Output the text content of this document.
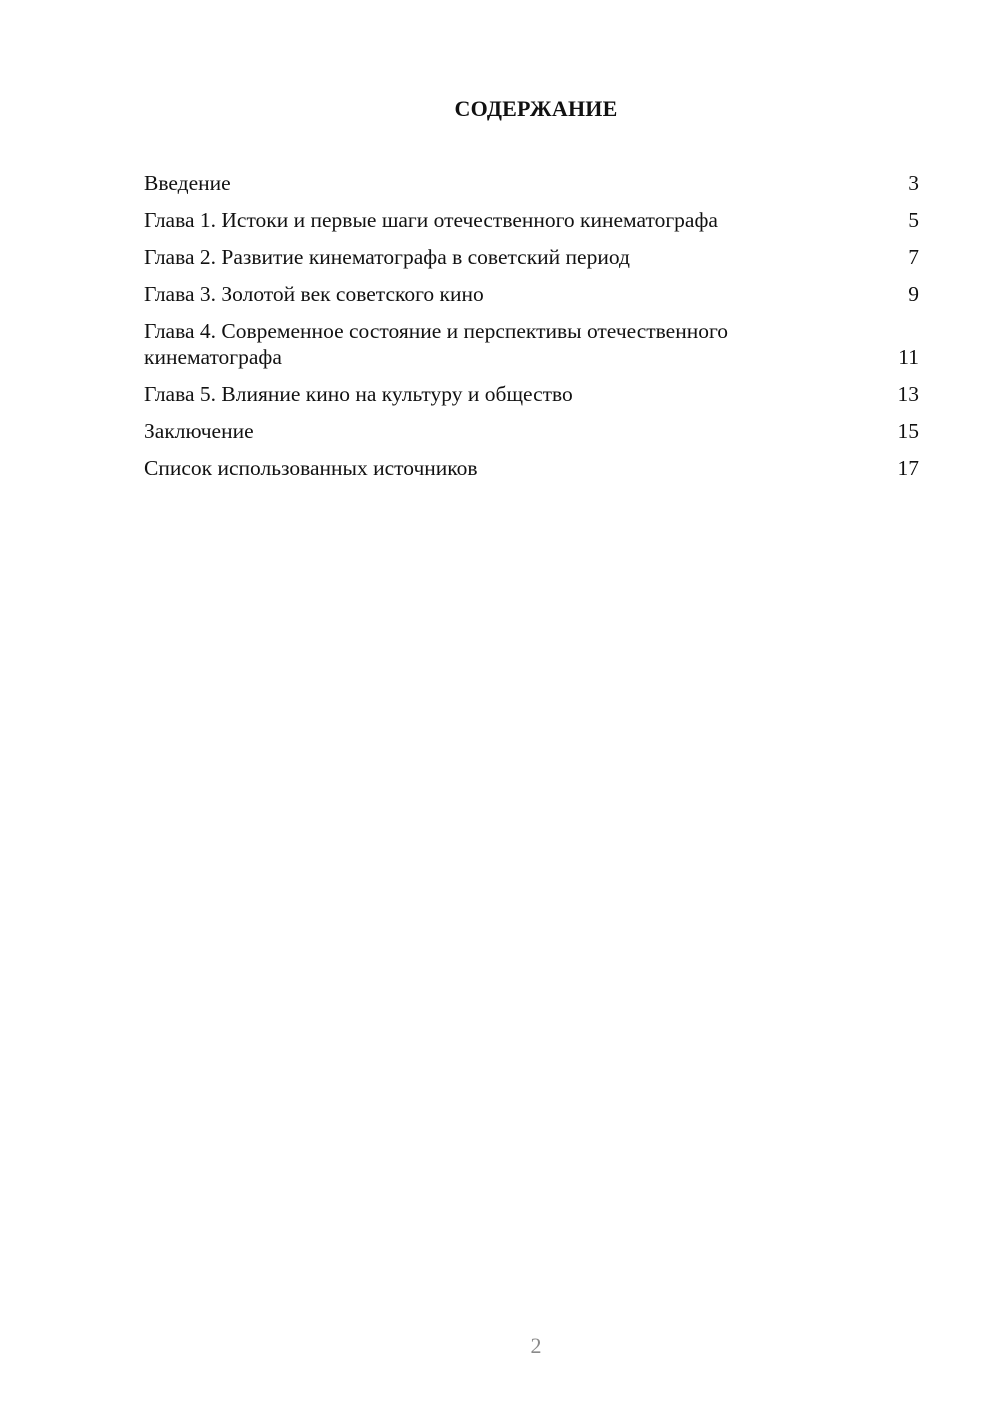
СОДЕРЖАНИЕ
Введение	3
Глава 1. Истоки и первые шаги отечественного кинематографа	5
Глава 2. Развитие кинематографа в советский период	7
Глава 3. Золотой век советского кино	9
Глава 4. Современное состояние и перспективы отечественного
кинематографа	11
Глава 5. Влияние кино на культуру и общество	13
Заключение	15
Список использованных источников	17
2
